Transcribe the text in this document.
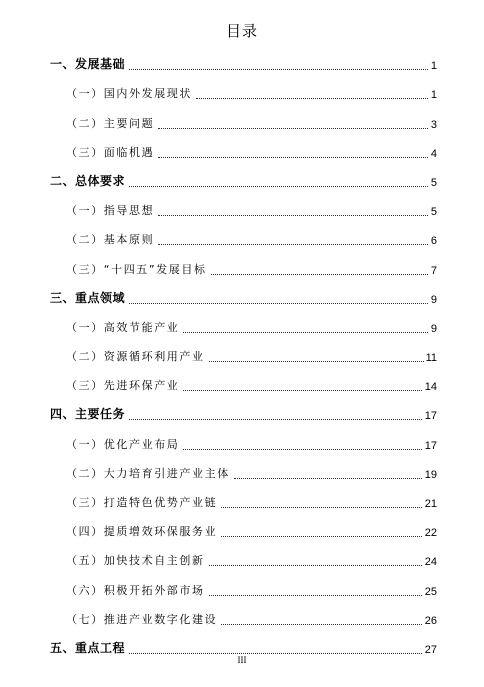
目录
一、发展基础	1
（一）国内外发展现状	1
（二）主要问题	3
（三）面临机遇	4
二、总体要求	5
（一）指导思想	5
（二）基本原则	6
（三）“十四五”发展目标	7
三、重点领域	9
（一）高效节能产业	9
（二）资源循环利用产业	11
（三）先进环保产业	14
四、主要任务	17
（一）优化产业布局	17
（二）大力培育引进产业主体	19
（三）打造特色优势产业链	21
（四）提质增效环保服务业	22
（五）加快技术自主创新	24
（六）积极开拓外部市场	25
（七）推进产业数字化建设	26
五、重点工程	27
III
